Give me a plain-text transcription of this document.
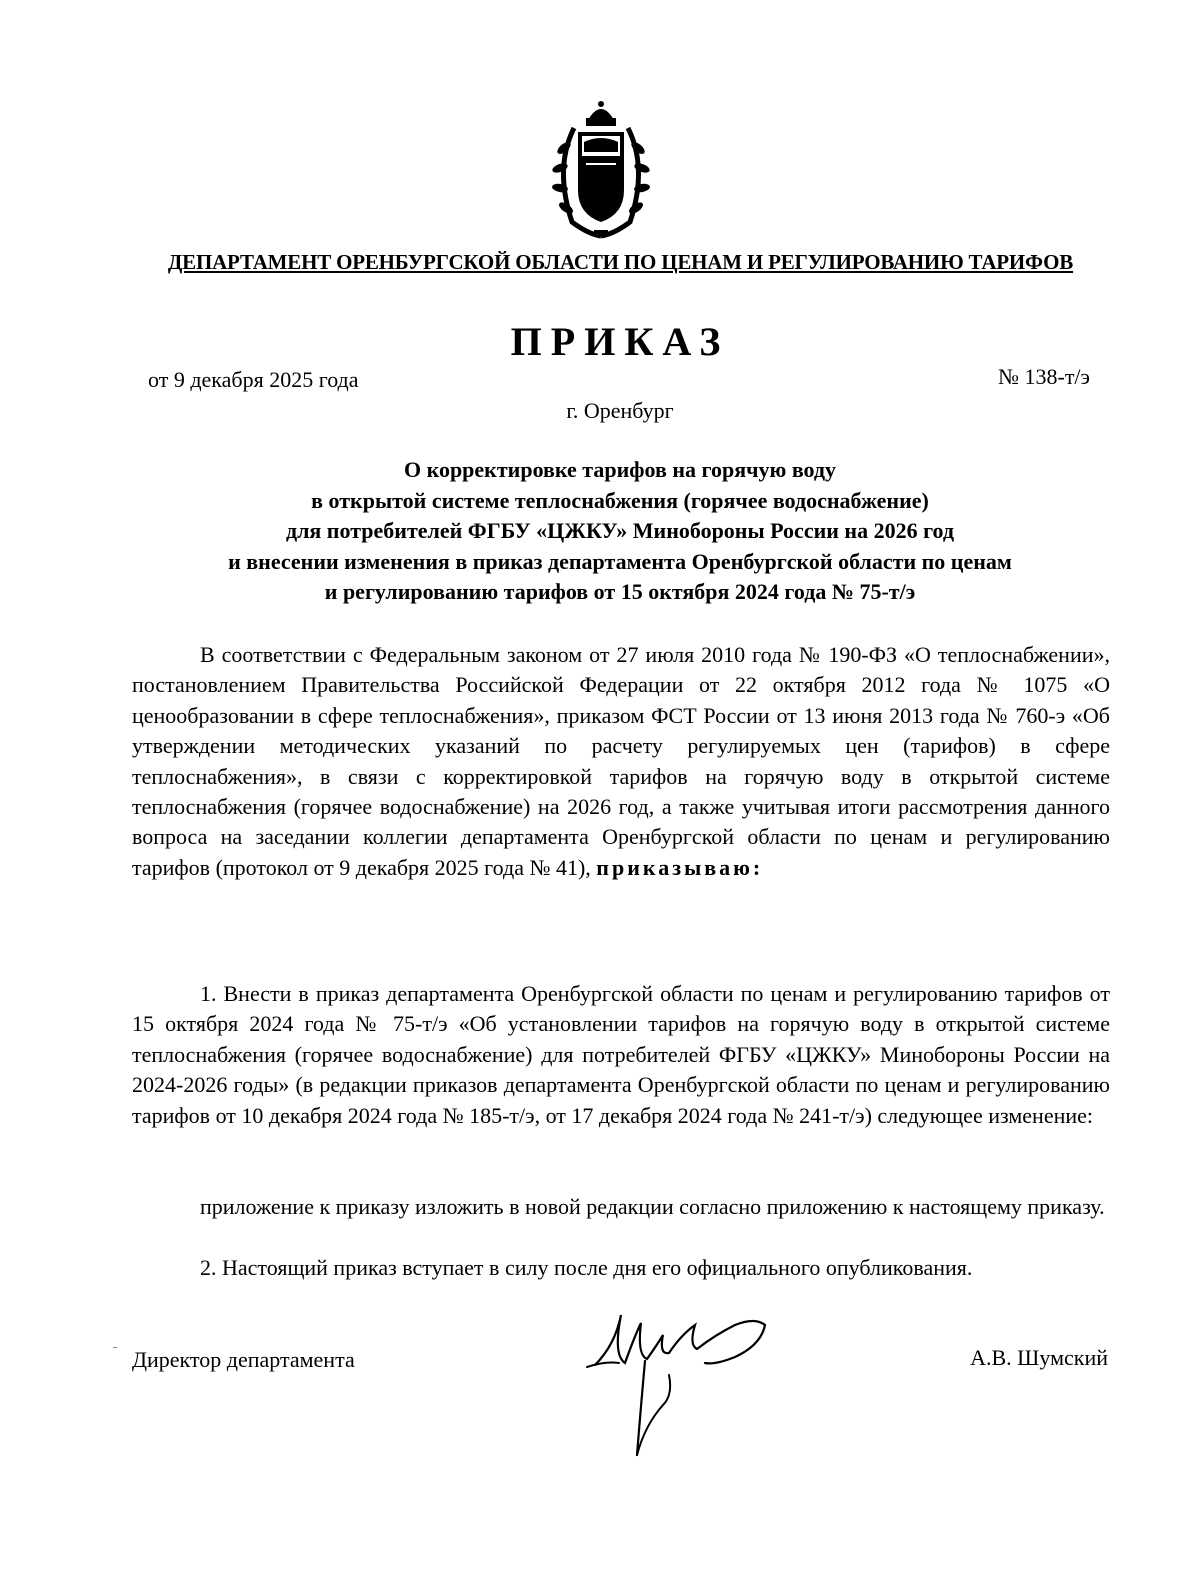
ДЕПАРТАМЕНТ ОРЕНБУРГСКОЙ ОБЛАСТИ ПО ЦЕНАМ И РЕГУЛИРОВАНИЮ ТАРИФОВ
ПРИКАЗ
от 9 декабря 2025 года	№ 138-т/э
г. Оренбург
О корректировке тарифов на горячую воду
в открытой системе теплоснабжения (горячее водоснабжение)
для потребителей ФГБУ «ЦЖКУ» Минобороны России на 2026 год
и внесении изменения в приказ департамента Оренбургской области по ценам
и регулированию тарифов от 15 октября 2024 года № 75-т/э
В соответствии с Федеральным законом от 27 июля 2010 года № 190-ФЗ «О теплоснабжении», постановлением Правительства Российской Федерации от 22 октября 2012 года № 1075 «О ценообразовании в сфере теплоснабжения», приказом ФСТ России от 13 июня 2013 года № 760-э «Об утверждении методических указаний по расчету регулируемых цен (тарифов) в сфере теплоснабжения», в связи с корректировкой тарифов на горячую воду в открытой системе теплоснабжения (горячее водоснабжение) на 2026 год, а также учитывая итоги рассмотрения данного вопроса на заседании коллегии департамента Оренбургской области по ценам и регулированию тарифов (протокол от 9 декабря 2025 года № 41), приказываю:
1. Внести в приказ департамента Оренбургской области по ценам и регулированию тарифов от 15 октября 2024 года № 75-т/э «Об установлении тарифов на горячую воду в открытой системе теплоснабжения (горячее водоснабжение) для потребителей ФГБУ «ЦЖКУ» Минобороны России на 2024-2026 годы» (в редакции приказов департамента Оренбургской области по ценам и регулированию тарифов от 10 декабря 2024 года № 185-т/э, от 17 декабря 2024 года № 241-т/э) следующее изменение:
приложение к приказу изложить в новой редакции согласно приложению к настоящему приказу.
2. Настоящий приказ вступает в силу после дня его официального опубликования.
Директор департамента	А.В. Шумский
